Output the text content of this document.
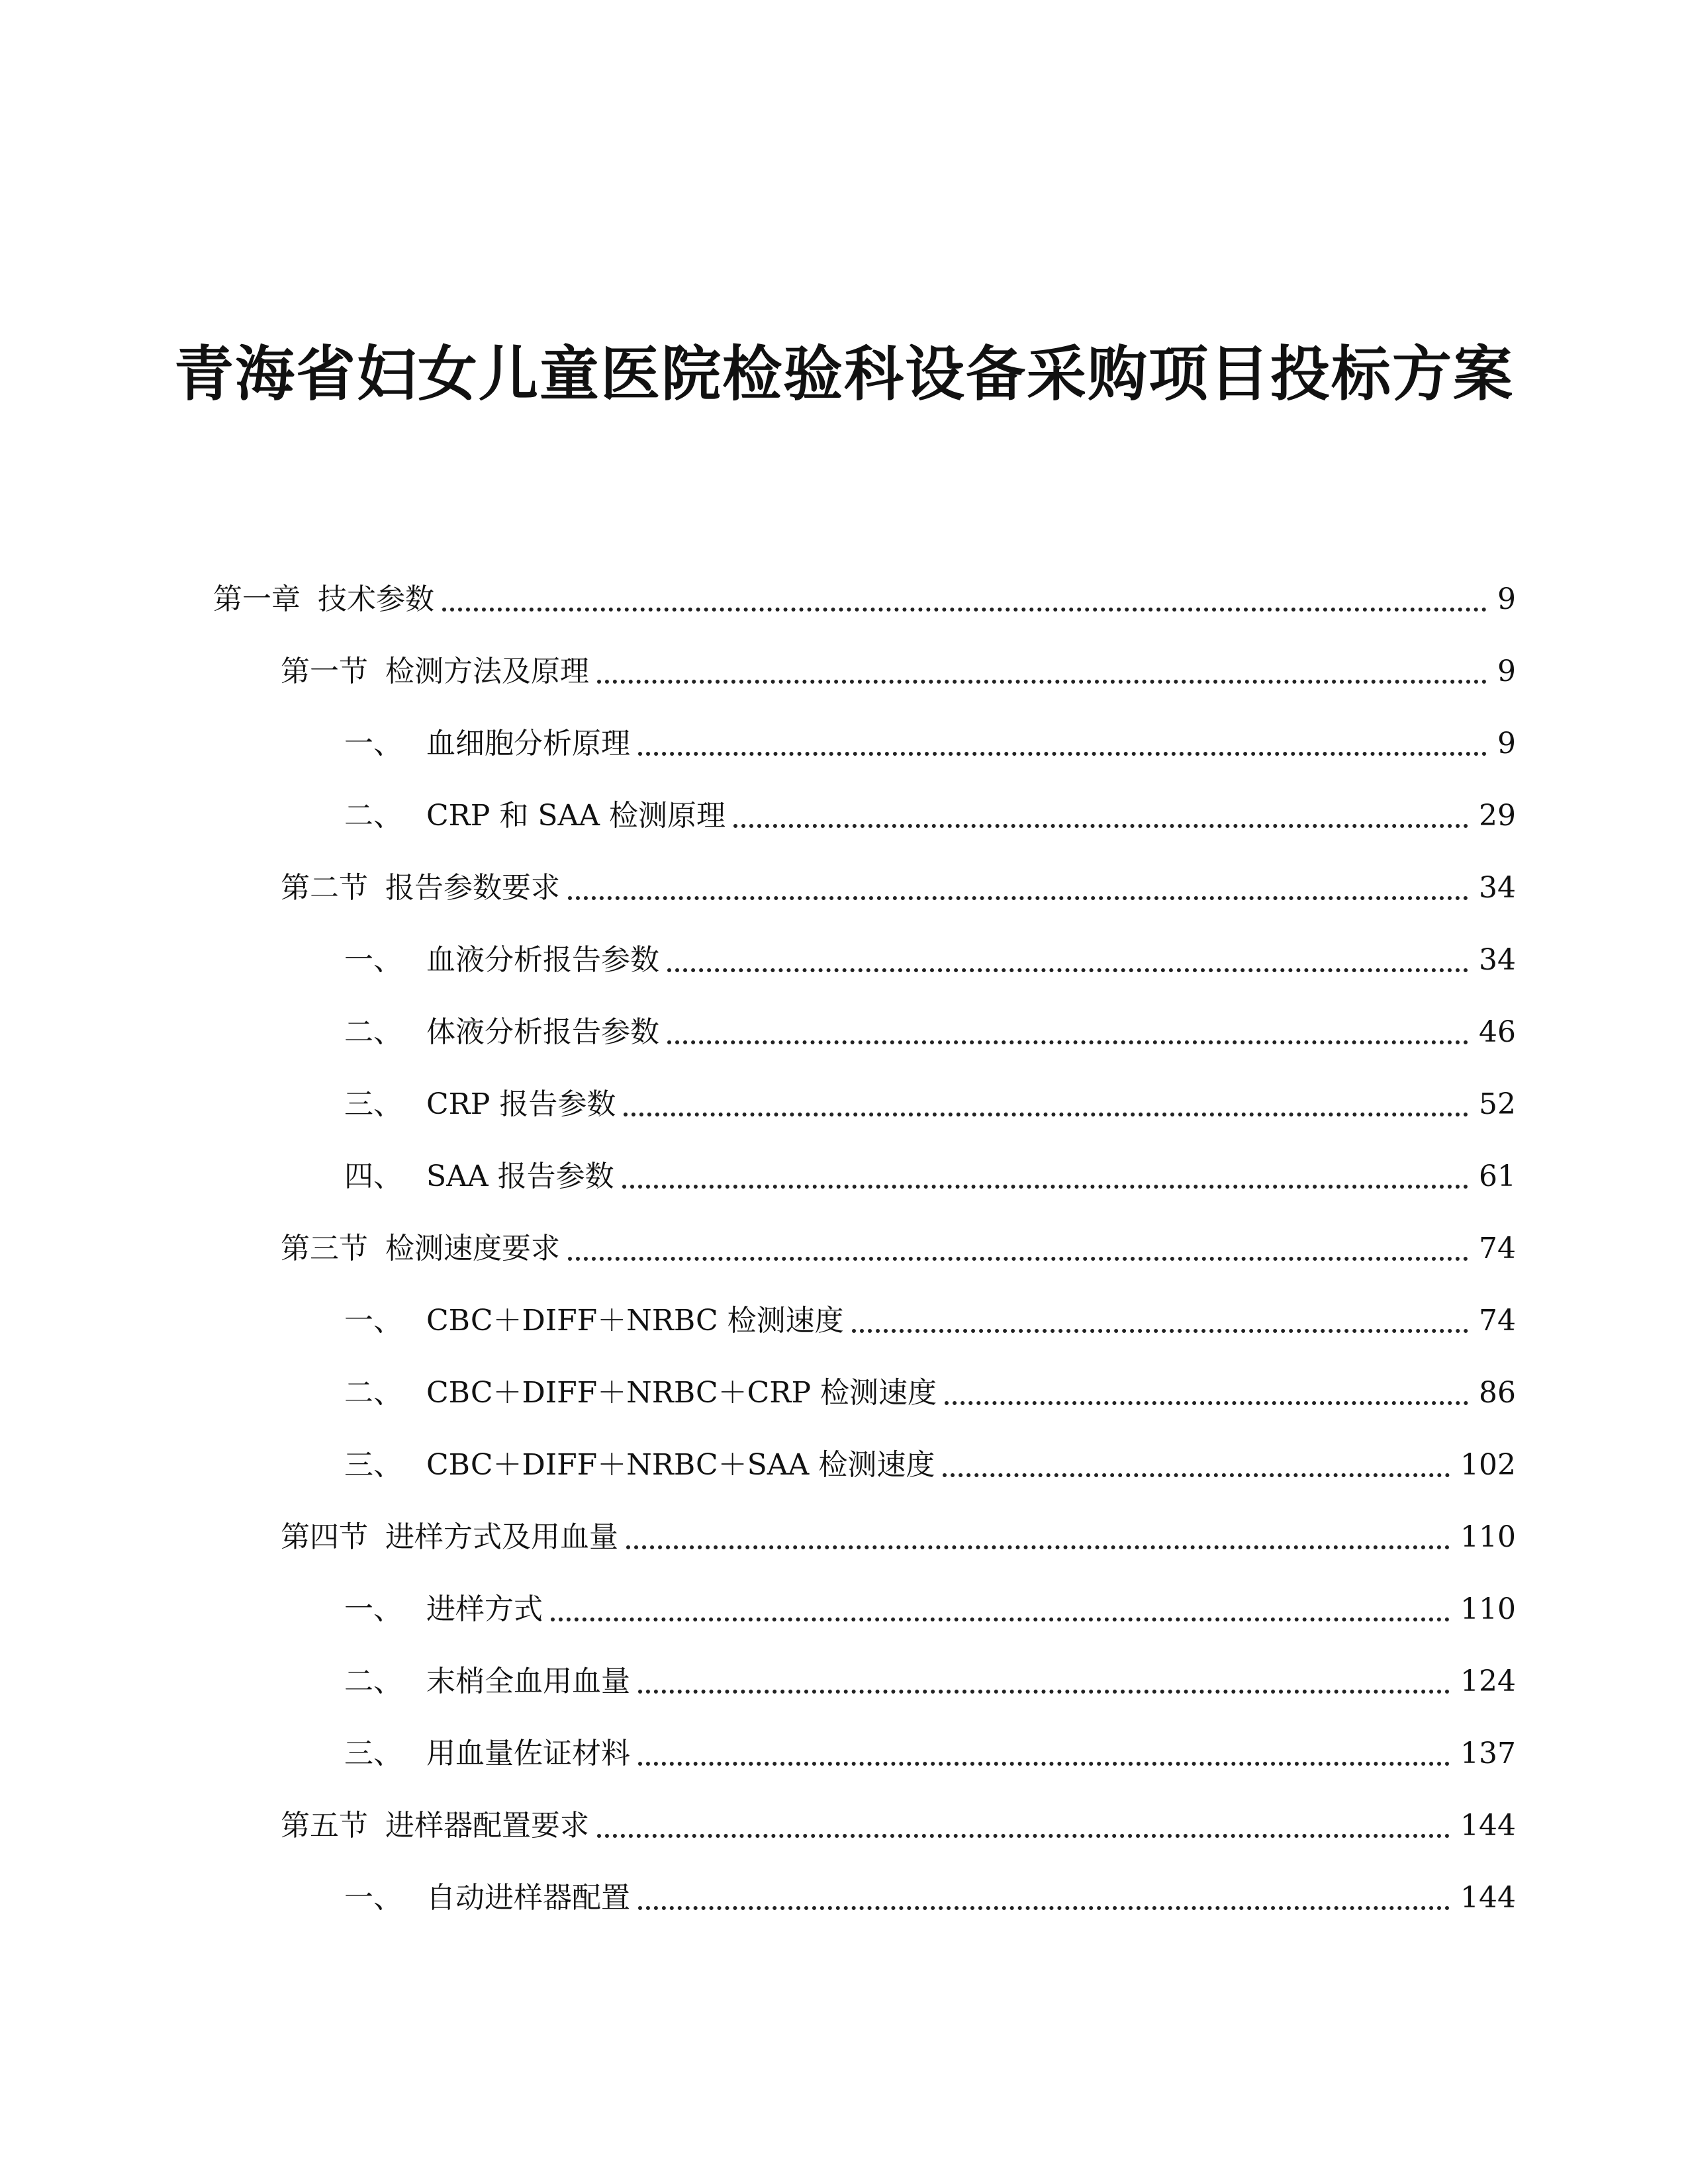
青海省妇女儿童医院检验科设备采购项目投标方案
第一章 技术参数	9
第一节 检测方法及原理	9
一、 血细胞分析原理	9
二、 CRP 和 SAA 检测原理	29
第二节 报告参数要求	34
一、 血液分析报告参数	34
二、 体液分析报告参数	46
三、 CRP 报告参数	52
四、 SAA 报告参数	61
第三节 检测速度要求	74
一、 CBC＋DIFF＋NRBC 检测速度	74
二、 CBC＋DIFF＋NRBC＋CRP 检测速度	86
三、 CBC＋DIFF＋NRBC＋SAA 检测速度	102
第四节 进样方式及用血量	110
一、 进样方式	110
二、 末梢全血用血量	124
三、 用血量佐证材料	137
第五节 进样器配置要求	144
一、 自动进样器配置	144
